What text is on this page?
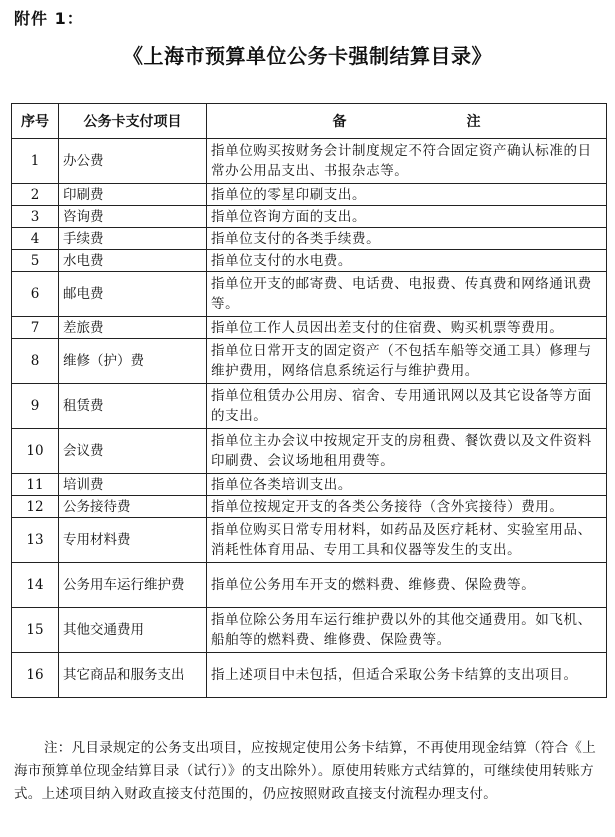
附件 1：
《上海市预算单位公务卡强制结算目录》
序号	公务卡支付项目	备 注
1	办公费	指单位购买按财务会计制度规定不符合固定资产确认标准的日常办公用品支出、书报杂志等。
2	印刷费	指单位的零星印刷支出。
3	咨询费	指单位咨询方面的支出。
4	手续费	指单位支付的各类手续费。
5	水电费	指单位支付的水电费。
6	邮电费	指单位开支的邮寄费、电话费、电报费、传真费和网络通讯费等。
7	差旅费	指单位工作人员因出差支付的住宿费、购买机票等费用。
8	维修（护）费	指单位日常开支的固定资产（不包括车船等交通工具）修理与维护费用，网络信息系统运行与维护费用。
9	租赁费	指单位租赁办公用房、宿舍、专用通讯网以及其它设备等方面的支出。
10	会议费	指单位主办会议中按规定开支的房租费、餐饮费以及文件资料印刷费、会议场地租用费等。
11	培训费	指单位各类培训支出。
12	公务接待费	指单位按规定开支的各类公务接待（含外宾接待）费用。
13	专用材料费	指单位购买日常专用材料，如药品及医疗耗材、实验室用品、消耗性体育用品、专用工具和仪器等发生的支出。
14	公务用车运行维护费	指单位公务用车开支的燃料费、维修费、保险费等。
15	其他交通费用	指单位除公务用车运行维护费以外的其他交通费用。如飞机、船舶等的燃料费、维修费、保险费等。
16	其它商品和服务支出	指上述项目中未包括，但适合采取公务卡结算的支出项目。
注：凡目录规定的公务支出项目，应按规定使用公务卡结算，不再使用现金结算（符合《上海市预算单位现金结算目录（试行）》的支出除外）。原使用转账方式结算的，可继续使用转账方式。上述项目纳入财政直接支付范围的，仍应按照财政直接支付流程办理支付。
